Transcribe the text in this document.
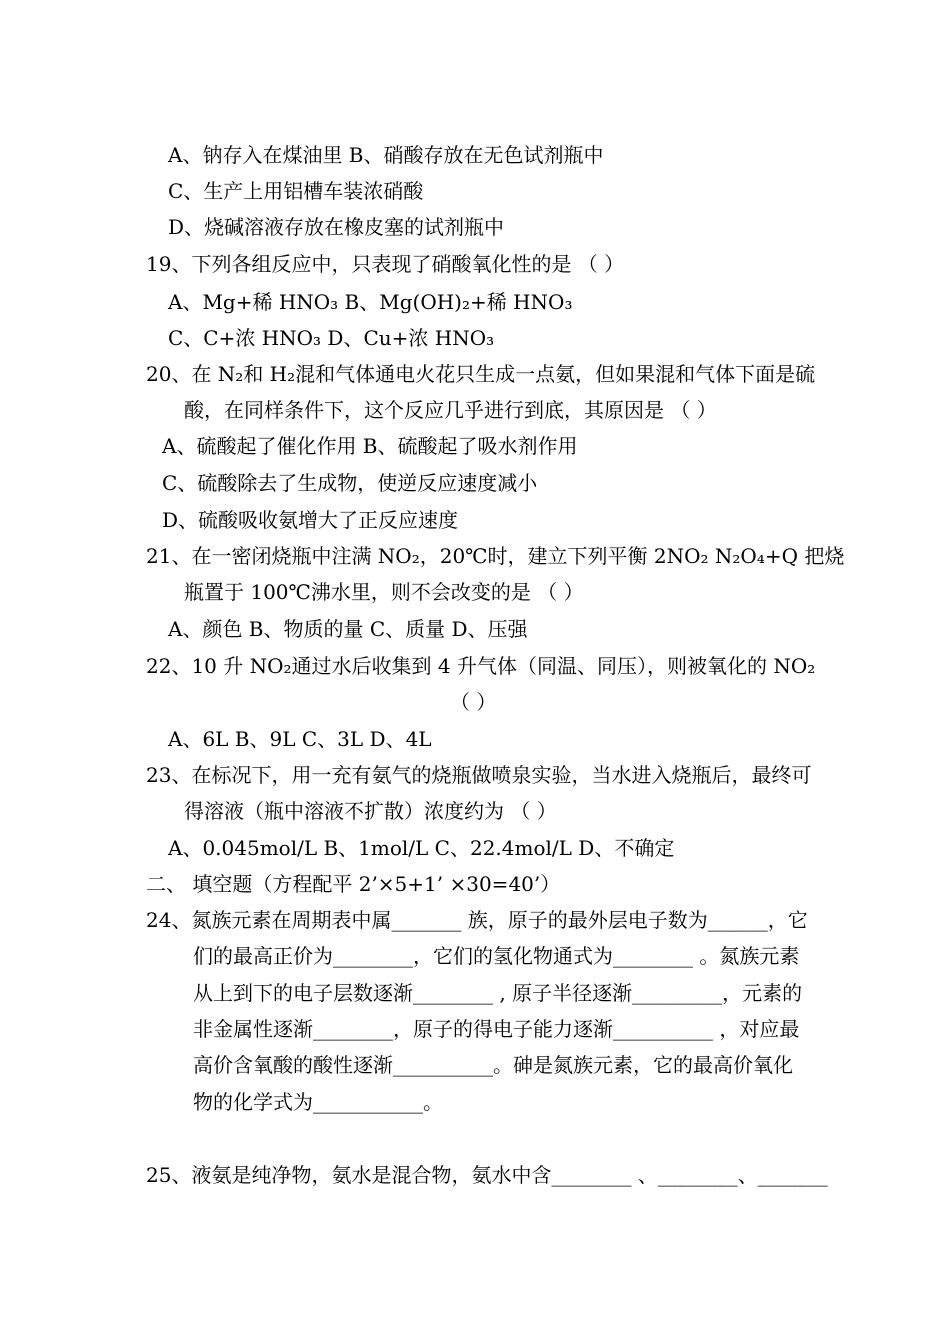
A、钠存入在煤油里 B、硝酸存放在无色试剂瓶中
C、生产上用铝槽车装浓硝酸
D、烧碱溶液存放在橡皮塞的试剂瓶中
19、下列各组反应中，只表现了硝酸氧化性的是 （ ）
A、Mg+稀 HNO₃ B、Mg(OH)₂+稀 HNO₃
C、C+浓 HNO₃ D、Cu+浓 HNO₃
20、在 N₂和 H₂混和气体通电火花只生成一点氨，但如果混和气体下面是硫
酸，在同样条件下，这个反应几乎进行到底，其原因是 （ ）
A、硫酸起了催化作用 B、硫酸起了吸水剂作用
C、硫酸除去了生成物，使逆反应速度减小
D、硫酸吸收氨增大了正反应速度
21、在一密闭烧瓶中注满 NO₂，20℃时，建立下列平衡 2NO₂ N₂O₄+Q 把烧
瓶置于 100℃沸水里，则不会改变的是 （ ）
A、颜色 B、物质的量 C、质量 D、压强
22、10 升 NO₂通过水后收集到 4 升气体（同温、同压），则被氧化的 NO₂
（ ）
A、6L B、9L C、3L D、4L
23、在标况下，用一充有氨气的烧瓶做喷泉实验，当水进入烧瓶后，最终可
得溶液（瓶中溶液不扩散）浓度约为 （ ）
A、0.045mol/L B、1mol/L C、22.4mol/L D、不确定
二、 填空题（方程配平 2’×5+1’ ×30=40’）
24、氮族元素在周期表中属_______ 族，原子的最外层电子数为______，它
们的最高正价为________，它们的氢化物通式为________ 。氮族元素
从上到下的电子层数逐渐________ , 原子半径逐渐_________，元素的
非金属性逐渐________，原子的得电子能力逐渐__________ ，对应最
高价含氧酸的酸性逐渐__________。砷是氮族元素，它的最高价氧化
物的化学式为___________。
25、液氨是纯净物，氨水是混合物，氨水中含________ 、________、_______
